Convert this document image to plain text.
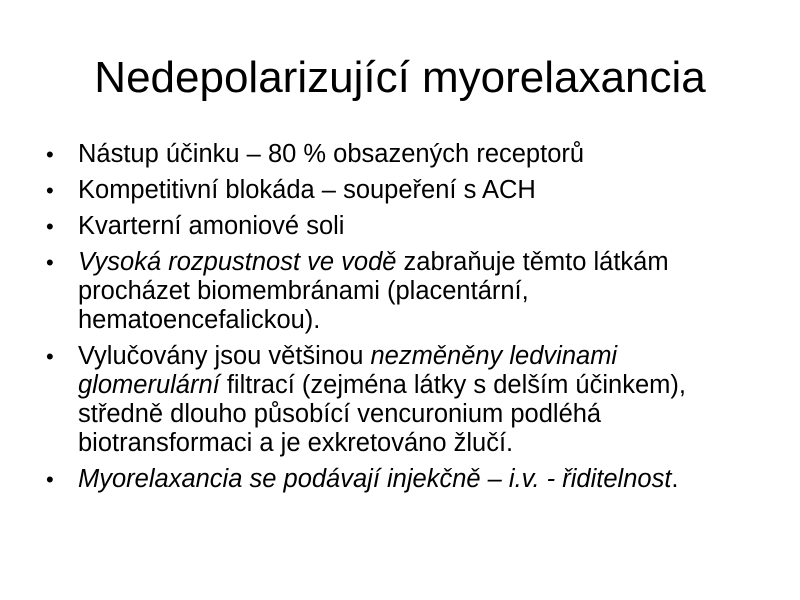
Nedepolarizující myorelaxancia
• Nástup účinku – 80 % obsazených receptorů
• Kompetitivní blokáda – soupeření s ACH
• Kvarterní amoniové soli
• Vysoká rozpustnost ve vodě zabraňuje těmto látkám procházet biomembránami (placentární, hematoencefalickou).
• Vylučovány jsou většinou nezměněny ledvinami glomerulární filtrací (zejména látky s delším účinkem), středně dlouho působící vencuronium podléhá biotransformaci a je exkretováno žlučí.
• Myorelaxancia se podávají injekčně – i.v. - řiditelnost.
